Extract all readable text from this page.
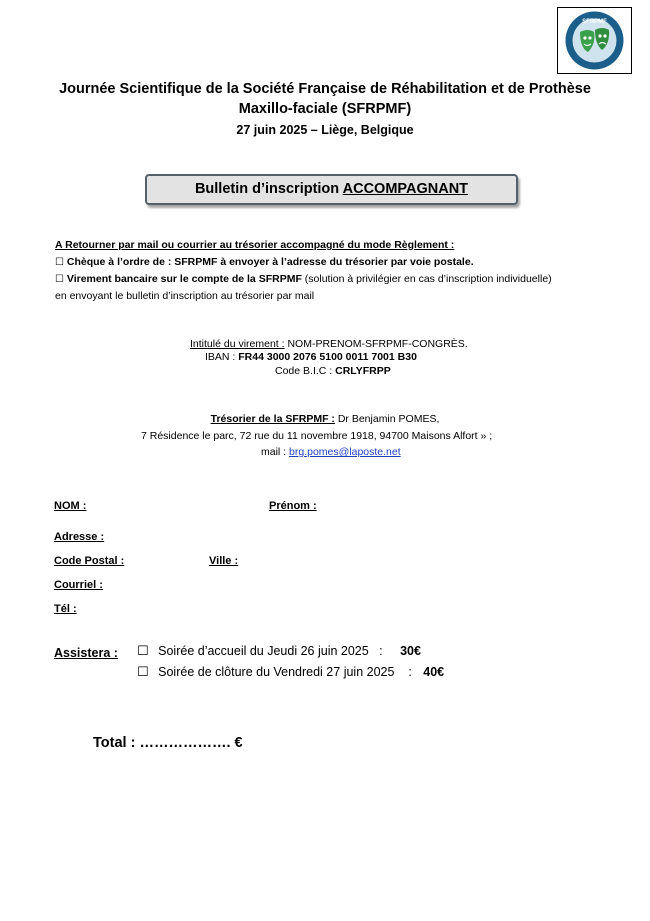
SFRPMF
Journée Scientifique de la Société Française de Réhabilitation et de Prothèse Maxillo-faciale (SFRPMF)
27 juin 2025 – Liège, Belgique
Bulletin d’inscription ACCOMPAGNANT
A Retourner par mail ou courrier au trésorier accompagné du mode Règlement :
☐ Chèque à l’ordre de : SFRPMF à envoyer à l’adresse du trésorier par voie postale.
☐ Virement bancaire sur le compte de la SFRPMF (solution à privilégier en cas d’inscription individuelle)
en envoyant le bulletin d’inscription au trésorier par mail
Intitulé du virement : NOM-PRENOM-SFRPMF-CONGRÈS.
IBAN : FR44 3000 2076 5100 0011 7001 B30
Code B.I.C : CRLYFRPP
Trésorier de la SFRPMF : Dr Benjamin POMES,
7 Résidence le parc, 72 rue du 11 novembre 1918, 94700 Maisons Alfort » ;
mail : brg.pomes@laposte.net
NOM :	Prénom :
Adresse :
Code Postal :	Ville :
Courriel :
Tél :
Assistera : ☐ Soirée d’accueil du Jeudi 26 juin 2025   : 30€
☐ Soirée de clôture du Vendredi 27 juin 2025    : 40€
Total : ………………. €
